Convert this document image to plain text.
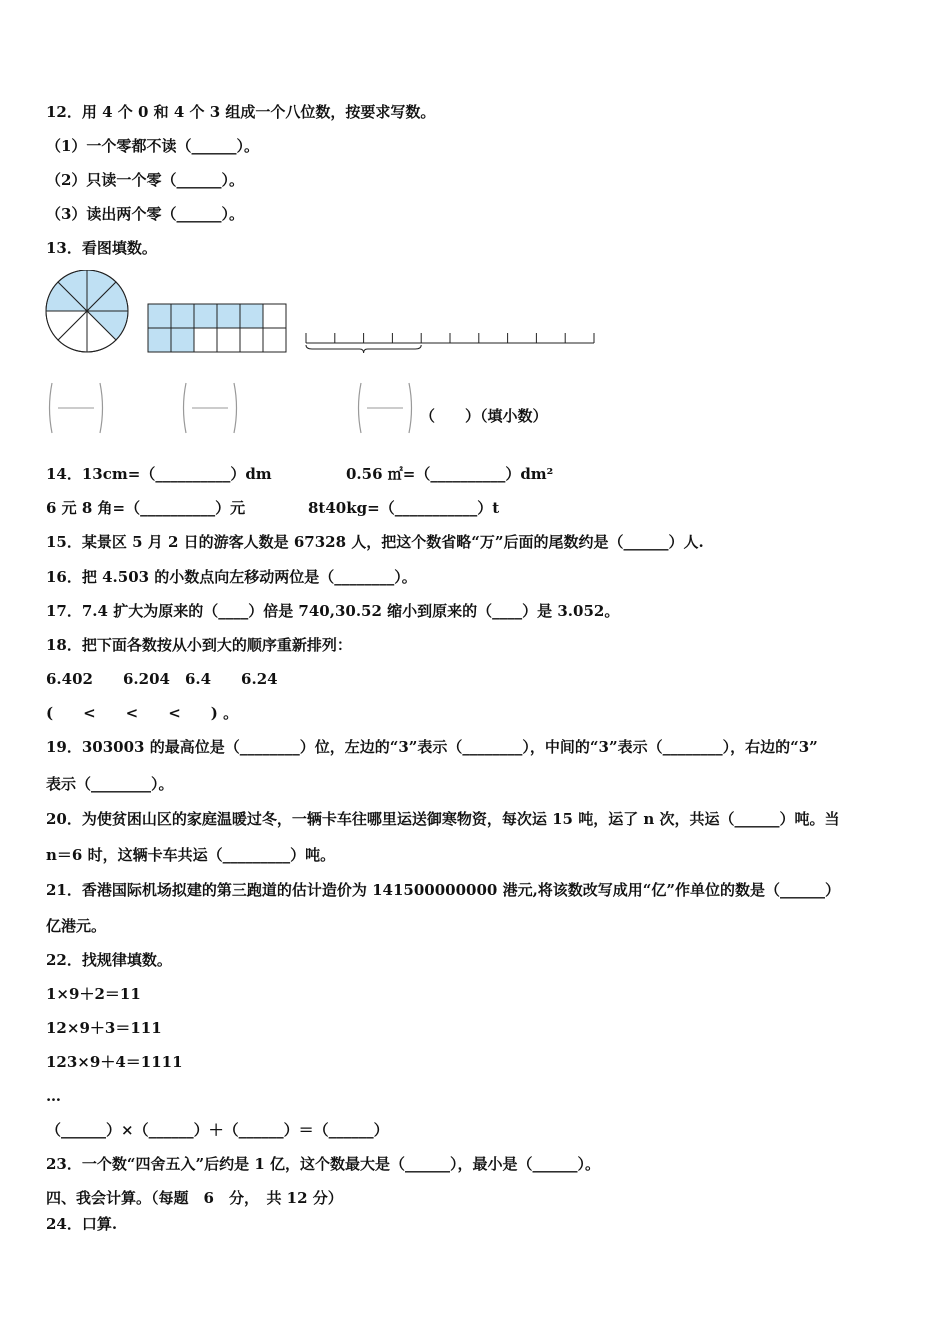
12．用 4 个 0 和 4 个 3 组成一个八位数，按要求写数。
（1）一个零都不读（______）。
（2）只读一个零（______）。
（3）读出两个零（______）。
13．看图填数。
（　　）（填小数）
14．13cm=（__________）dm	0.56 ㎡=（__________）dm²
6 元 8 角=（__________）元	8t40kg=（___________）t
15．某景区 5 月 2 日的游客人数是 67328 人，把这个数省略“万”后面的尾数约是（______）人.
16．把 4.503 的小数点向左移动两位是（________）。
17．7.4 扩大为原来的（____）倍是 740,30.52 缩小到原来的（____）是 3.052。
18．把下面各数按从小到大的顺序重新排列：
6.402　　6.204　6.4　　6.24
(　　<　　<　　<　　) 。
19．303003 的最高位是（________）位，左边的“3”表示（________），中间的“3”表示（________），右边的“3”
表示（________）。
20．为使贫困山区的家庭温暖过冬，一辆卡车往哪里运送御寒物资，每次运 15 吨，运了 n 次，共运（______）吨。当
n＝6 时，这辆卡车共运（_________）吨。
21．香港国际机场拟建的第三跑道的估计造价为 141500000000 港元,将该数改写成用“亿”作单位的数是（______）
亿港元。
22．找规律填数。
1×9＋2＝11
12×9＋3＝111
123×9＋4＝1111
…
（______）×（______）＋（______）＝（______）
23．一个数“四舍五入”后约是 1 亿，这个数最大是（______），最小是（______）。
四、我会计算。（每题　6　分，　共 12 分）
24．口算.
